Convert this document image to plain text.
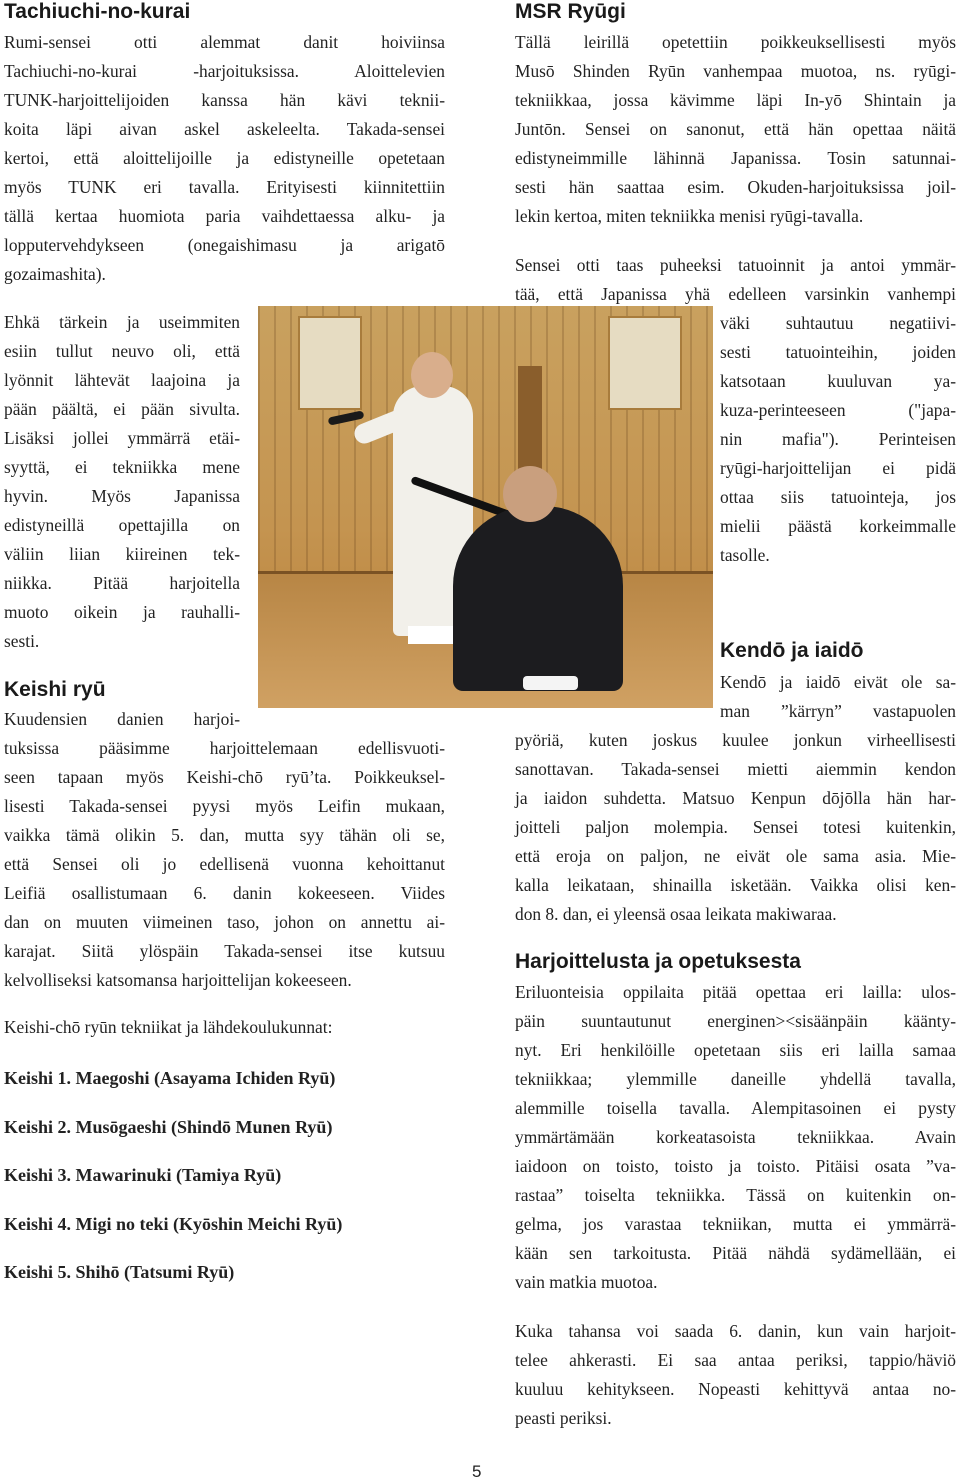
Tachiuchi-no-kurai
Rumi-sensei otti alemmat danit hoiviinsa
Tachiuchi-no-kurai -harjoituksissa. Aloittelevien
TUNK-harjoittelijoiden kanssa hän kävi teknii-
koita läpi aivan askel askeleelta. Takada-sensei
kertoi, että aloittelijoille ja edistyneille opetetaan
myös TUNK eri tavalla. Erityisesti kiinnitettiin
tällä kertaa huomiota paria vaihdettaessa alku- ja
lopputervehdykseen (onegaishimasu ja arigatō
gozaimashita).
Ehkä tärkein ja useimmiten
esiin tullut neuvo oli, että
lyönnit lähtevät laajoina ja
pään päältä, ei pään sivulta.
Lisäksi jollei ymmärrä etäi-
syyttä, ei tekniikka mene
hyvin. Myös Japanissa
edistyneillä opettajilla on
väliin liian kiireinen tek-
niikka. Pitää harjoitella
muoto oikein ja rauhalli-
sesti.
Keishi ryū
Kuudensien danien harjoi-
tuksissa pääsimme harjoittelemaan edellisvuoti-
seen tapaan myös Keishi-chō ryū’ta. Poikkeuksel-
lisesti Takada-sensei pyysi myös Leifin mukaan,
vaikka tämä olikin 5. dan, mutta syy tähän oli se,
että Sensei oli jo edellisenä vuonna kehoittanut
Leifiä osallistumaan 6. danin kokeeseen. Viides
dan on muuten viimeinen taso, johon on annettu ai-
karajat. Siitä ylöspäin Takada-sensei itse kutsuu
kelvolliseksi katsomansa harjoittelijan kokeeseen.
Keishi-chō ryūn tekniikat ja lähdekoulukunnat:
Keishi 1. Maegoshi (Asayama Ichiden Ryū)
Keishi 2. Musōgaeshi (Shindō Munen Ryū)
Keishi 3. Mawarinuki (Tamiya Ryū)
Keishi 4. Migi no teki (Kyōshin Meichi Ryū)
Keishi 5. Shihō (Tatsumi Ryū)
MSR Ryūgi
Tällä leirillä opetettiin poikkeuksellisesti myös
Musō Shinden Ryūn vanhempaa muotoa, ns. ryūgi-
tekniikkaa, jossa kävimme läpi In-yō Shintain ja
Juntōn. Sensei on sanonut, että hän opettaa näitä
edistyneimmille lähinnä Japanissa. Tosin satunnai-
sesti hän saattaa esim. Okuden-harjoituksissa joil-
lekin kertoa, miten tekniikka menisi ryūgi-tavalla.
Sensei otti taas puheeksi tatuoinnit ja antoi ymmär-
tää, että Japanissa yhä edelleen varsinkin vanhempi
väki suhtautuu negatiivi-
sesti tatuointeihin, joiden
katsotaan kuuluvan ya-
kuza-perinteeseen ("japa-
nin mafia"). Perinteisen
ryūgi-harjoittelijan ei pidä
ottaa siis tatuointeja, jos
mielii päästä korkeimmalle
tasolle.
Kendō ja iaidō
Kendō ja iaidō eivät ole sa-
man ”kärryn” vastapuolen
pyöriä, kuten joskus kuulee jonkun virheellisesti
sanottavan. Takada-sensei mietti aiemmin kendon
ja iaidon suhdetta. Matsuo Kenpun dōjōlla hän har-
joitteli paljon molempia. Sensei totesi kuitenkin,
että eroja on paljon, ne eivät ole sama asia. Mie-
kalla leikataan, shinailla isketään. Vaikka olisi ken-
don 8. dan, ei yleensä osaa leikata makiwaraa.
Harjoittelusta ja opetuksesta
Eriluonteisia oppilaita pitää opettaa eri lailla: ulos-
päin suuntautunut energinen><sisäänpäin käänty-
nyt. Eri henkilöille opetetaan siis eri lailla samaa
tekniikkaa; ylemmille daneille yhdellä tavalla,
alemmille toisella tavalla. Alempitasoinen ei pysty
ymmärtämään korkeatasoista tekniikkaa. Avain
iaidoon on toisto, toisto ja toisto. Pitäisi osata ”va-
rastaa” toiselta tekniikka. Tässä on kuitenkin on-
gelma, jos varastaa tekniikan, mutta ei ymmärrä-
kään sen tarkoitusta. Pitää nähdä sydämellään, ei
vain matkia muotoa.
Kuka tahansa voi saada 6. danin, kun vain harjoit-
telee ahkerasti. Ei saa antaa periksi, tappio/häviö
kuuluu kehitykseen. Nopeasti kehittyvä antaa no-
peasti periksi.
5
